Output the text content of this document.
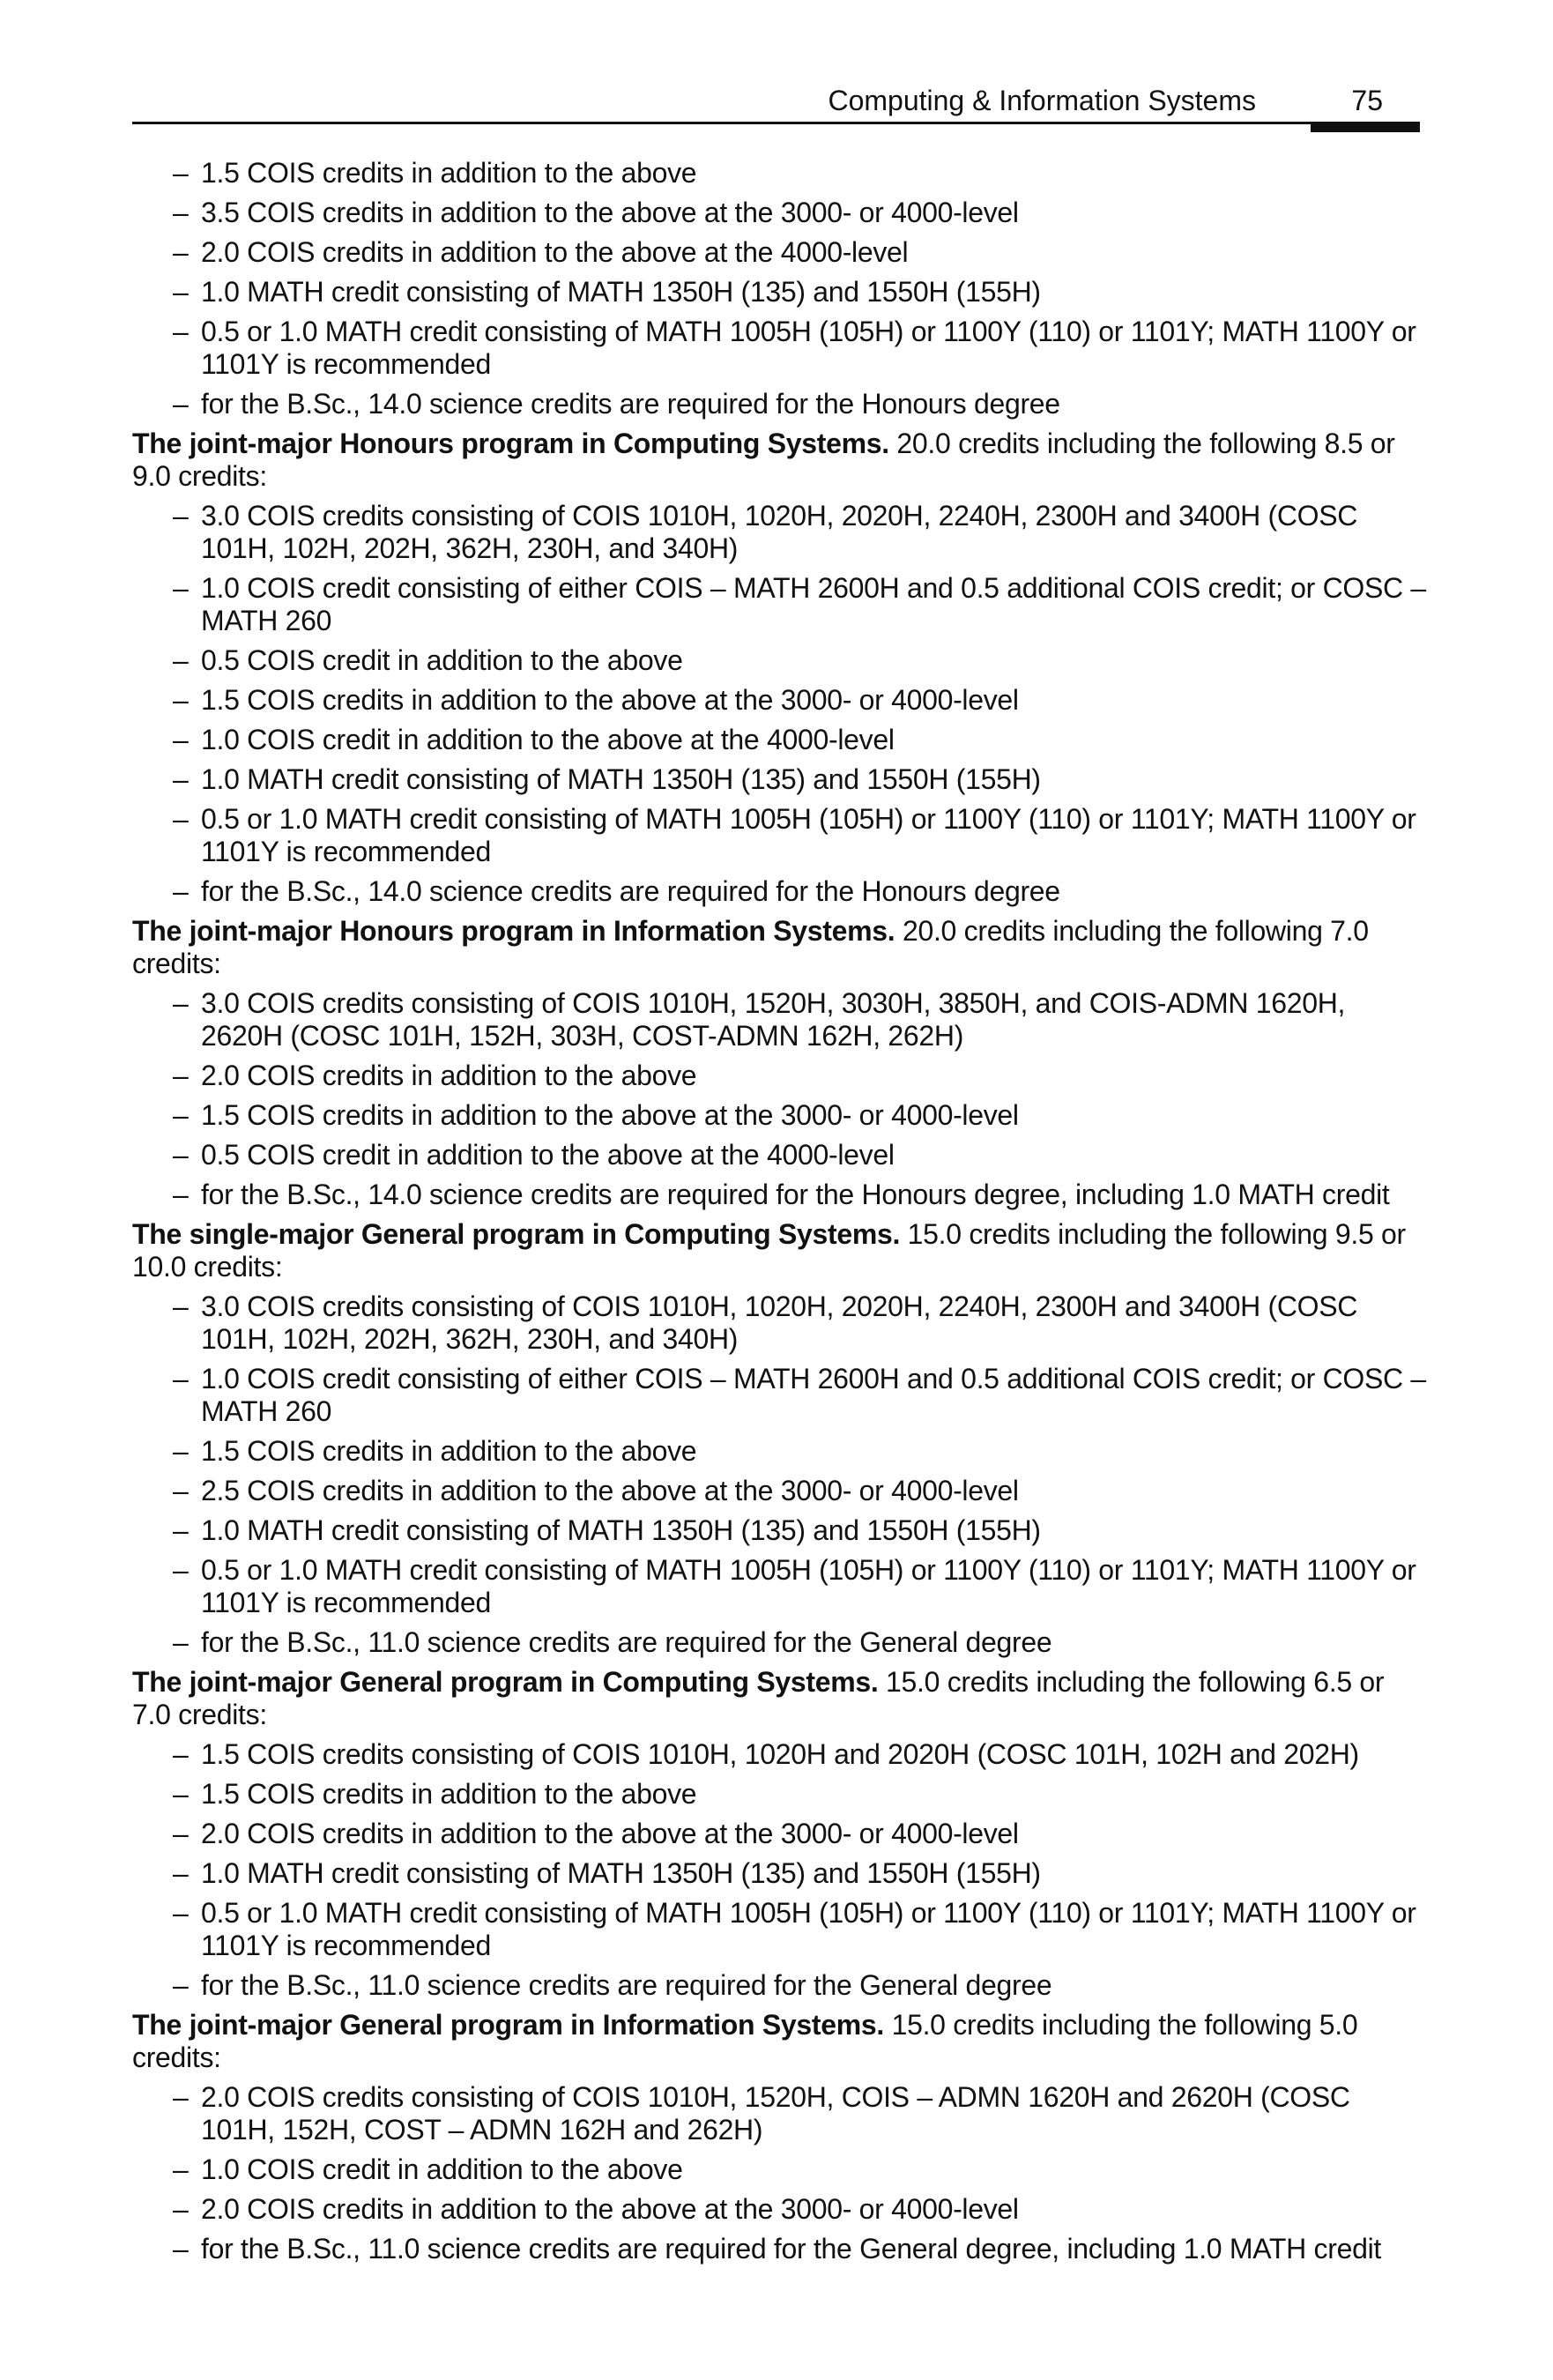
Computing & Information Systems	75
– 1.5 COIS credits in addition to the above
– 3.5 COIS credits in addition to the above at the 3000- or 4000-level
– 2.0 COIS credits in addition to the above at the 4000-level
– 1.0 MATH credit consisting of MATH 1350H (135) and 1550H (155H)
– 0.5 or 1.0 MATH credit consisting of MATH 1005H (105H) or 1100Y (110) or 1101Y; MATH 1100Y or 1101Y is recommended
– for the B.Sc., 14.0 science credits are required for the Honours degree

The joint-major Honours program in Computing Systems. 20.0 credits including the following 8.5 or 9.0 credits:

– 3.0 COIS credits consisting of COIS 1010H, 1020H, 2020H, 2240H, 2300H and 3400H (COSC 101H, 102H, 202H, 362H, 230H, and 340H)
– 1.0 COIS credit consisting of either COIS – MATH 2600H and 0.5 additional COIS credit; or COSC – MATH 260
– 0.5 COIS credit in addition to the above
– 1.5 COIS credits in addition to the above at the 3000- or 4000-level
– 1.0 COIS credit in addition to the above at the 4000-level
– 1.0 MATH credit consisting of MATH 1350H (135) and 1550H (155H)
– 0.5 or 1.0 MATH credit consisting of MATH 1005H (105H) or 1100Y (110) or 1101Y; MATH 1100Y or 1101Y is recommended
– for the B.Sc., 14.0 science credits are required for the Honours degree

The joint-major Honours program in Information Systems. 20.0 credits including the following 7.0 credits:

– 3.0 COIS credits consisting of COIS 1010H, 1520H, 3030H, 3850H, and COIS-ADMN 1620H, 2620H (COSC 101H, 152H, 303H, COST-ADMN 162H, 262H)
– 2.0 COIS credits in addition to the above
– 1.5 COIS credits in addition to the above at the 3000- or 4000-level
– 0.5 COIS credit in addition to the above at the 4000-level
– for the B.Sc., 14.0 science credits are required for the Honours degree, including 1.0 MATH credit

The single-major General program in Computing Systems. 15.0 credits including the following 9.5 or 10.0 credits:

– 3.0 COIS credits consisting of COIS 1010H, 1020H, 2020H, 2240H, 2300H and 3400H (COSC 101H, 102H, 202H, 362H, 230H, and 340H)
– 1.0 COIS credit consisting of either COIS – MATH 2600H and 0.5 additional COIS credit; or COSC – MATH 260
– 1.5 COIS credits in addition to the above
– 2.5 COIS credits in addition to the above at the 3000- or 4000-level
– 1.0 MATH credit consisting of MATH 1350H (135) and 1550H (155H)
– 0.5 or 1.0 MATH credit consisting of MATH 1005H (105H) or 1100Y (110) or 1101Y; MATH 1100Y or 1101Y is recommended
– for the B.Sc., 11.0 science credits are required for the General degree

The joint-major General program in Computing Systems. 15.0 credits including the following 6.5 or 7.0 credits:

– 1.5 COIS credits consisting of COIS 1010H, 1020H and 2020H (COSC 101H, 102H and 202H)
– 1.5 COIS credits in addition to the above
– 2.0 COIS credits in addition to the above at the 3000- or 4000-level
– 1.0 MATH credit consisting of MATH 1350H (135) and 1550H (155H)
– 0.5 or 1.0 MATH credit consisting of MATH 1005H (105H) or 1100Y (110) or 1101Y; MATH 1100Y or 1101Y is recommended
– for the B.Sc., 11.0 science credits are required for the General degree

The joint-major General program in Information Systems. 15.0 credits including the following 5.0 credits:

– 2.0 COIS credits consisting of COIS 1010H, 1520H, COIS – ADMN 1620H and 2620H (COSC 101H, 152H, COST – ADMN 162H and 262H)
– 1.0 COIS credit in addition to the above
– 2.0 COIS credits in addition to the above at the 3000- or 4000-level
– for the B.Sc., 11.0 science credits are required for the General degree, including 1.0 MATH credit
